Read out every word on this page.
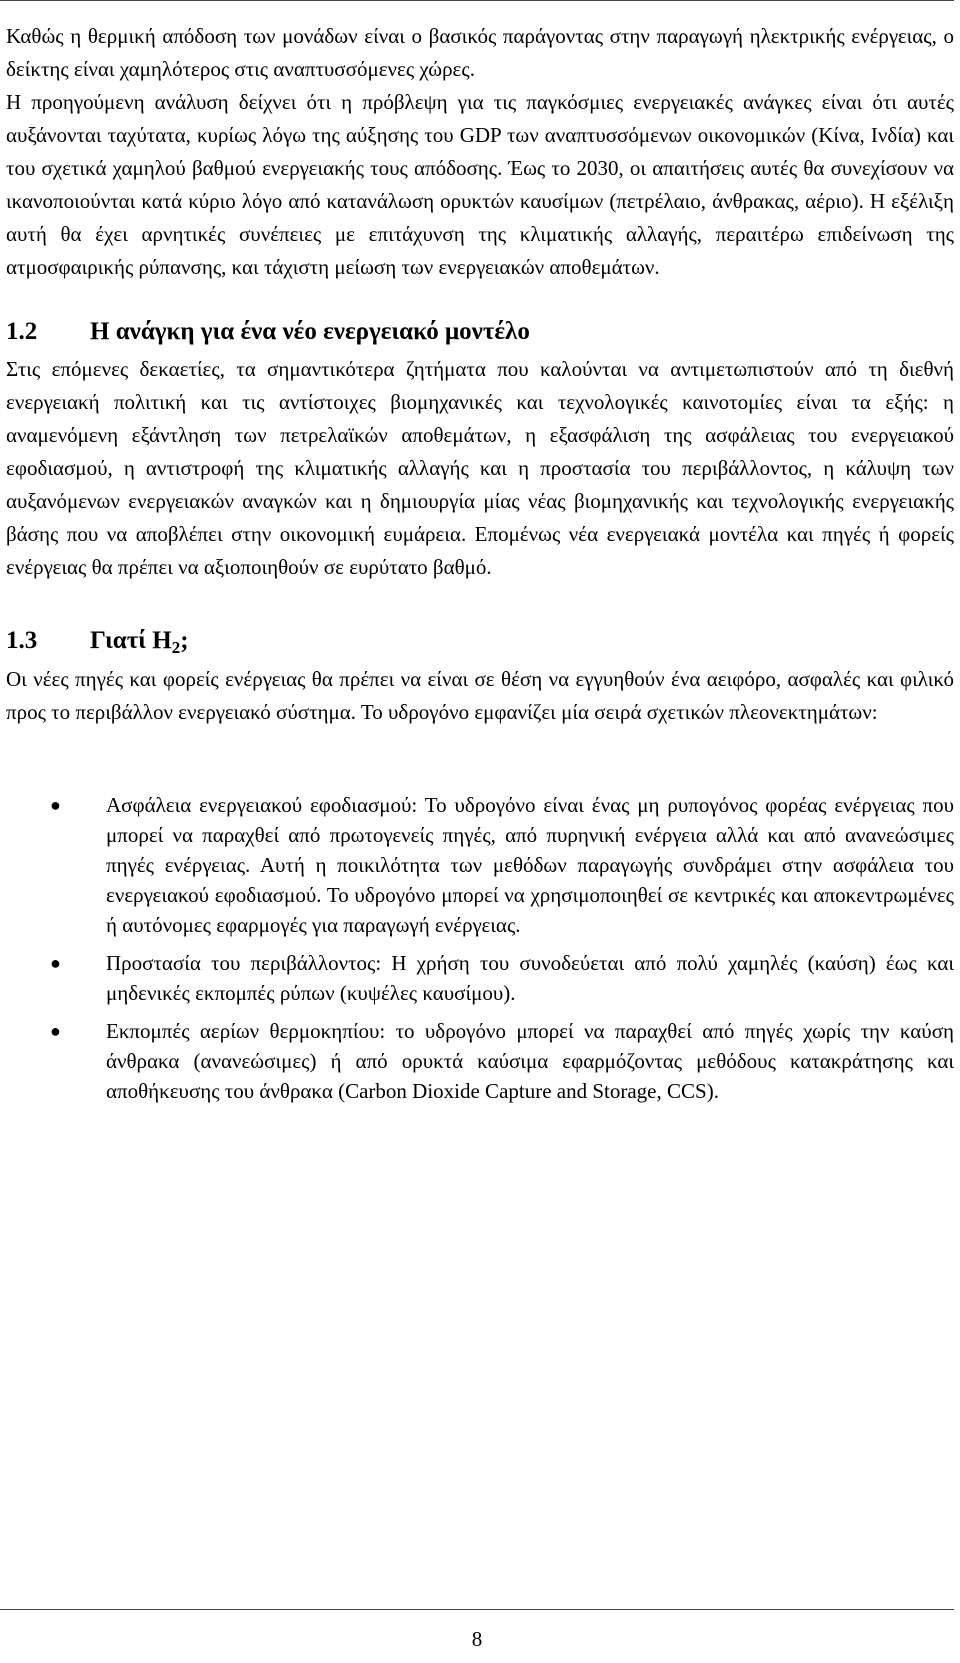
Καθώς η θερμική απόδοση των μονάδων είναι ο βασικός παράγοντας στην παραγωγή ηλεκτρικής ενέργειας, ο δείκτης είναι χαμηλότερος στις αναπτυσσόμενες χώρες.

Η προηγούμενη ανάλυση δείχνει ότι η πρόβλεψη για τις παγκόσμιες ενεργειακές ανάγκες είναι ότι αυτές αυξάνονται ταχύτατα, κυρίως λόγω της αύξησης του GDP των αναπτυσσόμενων οικονομικών (Κίνα, Ινδία) και του σχετικά χαμηλού βαθμού ενεργειακής τους απόδοσης. Έως το 2030, οι απαιτήσεις αυτές θα συνεχίσουν να ικανοποιούνται κατά κύριο λόγο από κατανάλωση ορυκτών καυσίμων (πετρέλαιο, άνθρακας, αέριο). Η εξέλιξη αυτή θα έχει αρνητικές συνέπειες με επιτάχυνση της κλιματικής αλλαγής, περαιτέρω επιδείνωση της ατμοσφαιρικής ρύπανσης, και τάχιστη μείωση των ενεργειακών αποθεμάτων.

1.2	Η ανάγκη για ένα νέο ενεργειακό μοντέλο

Στις επόμενες δεκαετίες, τα σημαντικότερα ζητήματα που καλούνται να αντιμετωπιστούν από τη διεθνή ενεργειακή πολιτική και τις αντίστοιχες βιομηχανικές και τεχνολογικές καινοτομίες είναι τα εξής: η αναμενόμενη εξάντληση των πετρελαϊκών αποθεμάτων, η εξασφάλιση της ασφάλειας του ενεργειακού εφοδιασμού, η αντιστροφή της κλιματικής αλλαγής και η προστασία του περιβάλλοντος, η κάλυψη των αυξανόμενων ενεργειακών αναγκών και η δημιουργία μίας νέας βιομηχανικής και τεχνολογικής ενεργειακής βάσης που να αποβλέπει στην οικονομική ευμάρεια. Επομένως νέα ενεργειακά μοντέλα και πηγές ή φορείς ενέργειας θα πρέπει να αξιοποιηθούν σε ευρύτατο βαθμό.

1.3	Γιατί $H_2$;

Οι νέες πηγές και φορείς ενέργειας θα πρέπει να είναι σε θέση να εγγυηθούν ένα αειφόρο, ασφαλές και φιλικό προς το περιβάλλον ενεργειακό σύστημα. Το υδρογόνο εμφανίζει μία σειρά σχετικών πλεονεκτημάτων:

● Ασφάλεια ενεργειακού εφοδιασμού: Το υδρογόνο είναι ένας μη ρυπογόνος φορέας ενέργειας που μπορεί να παραχθεί από πρωτογενείς πηγές, από πυρηνική ενέργεια αλλά και από ανανεώσιμες πηγές ενέργειας. Αυτή η ποικιλότητα των μεθόδων παραγωγής συνδράμει στην ασφάλεια του ενεργειακού εφοδιασμού. Το υδρογόνο μπορεί να χρησιμοποιηθεί σε κεντρικές και αποκεντρωμένες ή αυτόνομες εφαρμογές για παραγωγή ενέργειας.
● Προστασία του περιβάλλοντος: Η χρήση του συνοδεύεται από πολύ χαμηλές (καύση) έως και μηδενικές εκπομπές ρύπων (κυψέλες καυσίμου).
● Εκπομπές αερίων θερμοκηπίου: το υδρογόνο μπορεί να παραχθεί από πηγές χωρίς την καύση άνθρακα (ανανεώσιμες) ή από ορυκτά καύσιμα εφαρμόζοντας μεθόδους κατακράτησης και αποθήκευσης του άνθρακα (Carbon Dioxide Capture and Storage, CCS).
8
